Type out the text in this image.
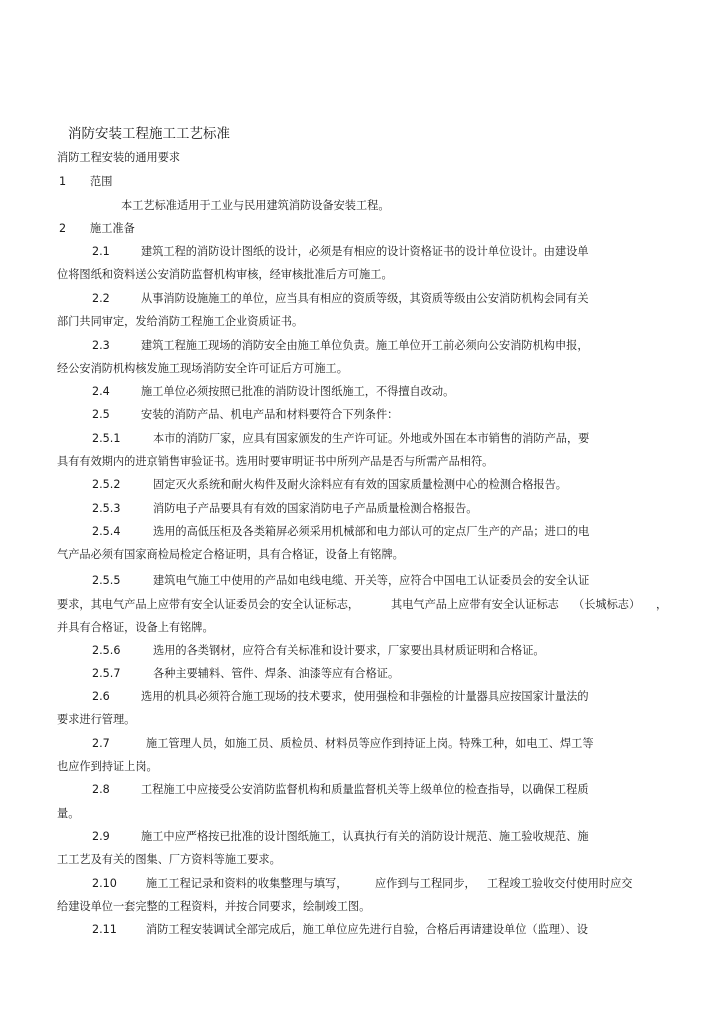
消防安装工程施工工艺标准
消防工程安装的通用要求
1 范围
本工艺标准适用于工业与民用建筑消防设备安装工程。
2 施工准备
2.1	建筑工程的消防设计图纸的设计，必须是有相应的设计资格证书的设计单位设计。由建设单
位将图纸和资料送公安消防监督机构审核，经审核批准后方可施工。
2.2	从事消防设施施工的单位，应当具有相应的资质等级，其资质等级由公安消防机构会同有关
部门共同审定，发给消防工程施工企业资质证书。
2.3	建筑工程施工现场的消防安全由施工单位负责。施工单位开工前必须向公安消防机构申报，
经公安消防机构核发施工现场消防安全许可证后方可施工。
2.4	施工单位必须按照已批准的消防设计图纸施工，不得擅自改动。
2.5	安装的消防产品、机电产品和材料要符合下列条件：
2.5.1	本市的消防厂家，应具有国家颁发的生产许可证。外地或外国在本市销售的消防产品，要
具有有效期内的进京销售审验证书。选用时要审明证书中所列产品是否与所需产品相符。
2.5.2	固定灭火系统和耐火构件及耐火涂料应有有效的国家质量检测中心的检测合格报告。
2.5.3	消防电子产品要具有有效的国家消防电子产品质量检测合格报告。
2.5.4	选用的高低压柜及各类箱屏必须采用机械部和电力部认可的定点厂生产的产品；进口的电
气产品必须有国家商检局检定合格证明，具有合格证，设备上有铭牌。
2.5.5	建筑电气施工中使用的产品如电线电缆、开关等，应符合中国电工认证委员会的安全认证
要求，其电气产品上应带有安全认证委员会的安全认证标志，	其电气产品上应带有安全认证标志 （长城标志） ，
并具有合格证，设备上有铭牌。
2.5.6	选用的各类钢材，应符合有关标准和设计要求，厂家要出具材质证明和合格证。
2.5.7	各种主要辅料、管件、焊条、油漆等应有合格证。
2.6	选用的机具必须符合施工现场的技术要求，使用强检和非强检的计量器具应按国家计量法的
要求进行管理。
2.7	施工管理人员，如施工员、质检员、材料员等应作到持证上岗。特殊工种，如电工、焊工等
也应作到持证上岗。
2.8	工程施工中应接受公安消防监督机构和质量监督机关等上级单位的检查指导，以确保工程质
量。
2.9	施工中应严格按已批准的设计图纸施工，认真执行有关的消防设计规范、施工验收规范、施
工工艺及有关的图集、厂方资料等施工要求。
2.10	施工工程记录和资料的收集整理与填写， 应作到与工程同步， 工程竣工验收交付使用时应交
给建设单位一套完整的工程资料，并按合同要求，绘制竣工图。
2.11	消防工程安装调试全部完成后，施工单位应先进行自验，合格后再请建设单位（监理）、设
